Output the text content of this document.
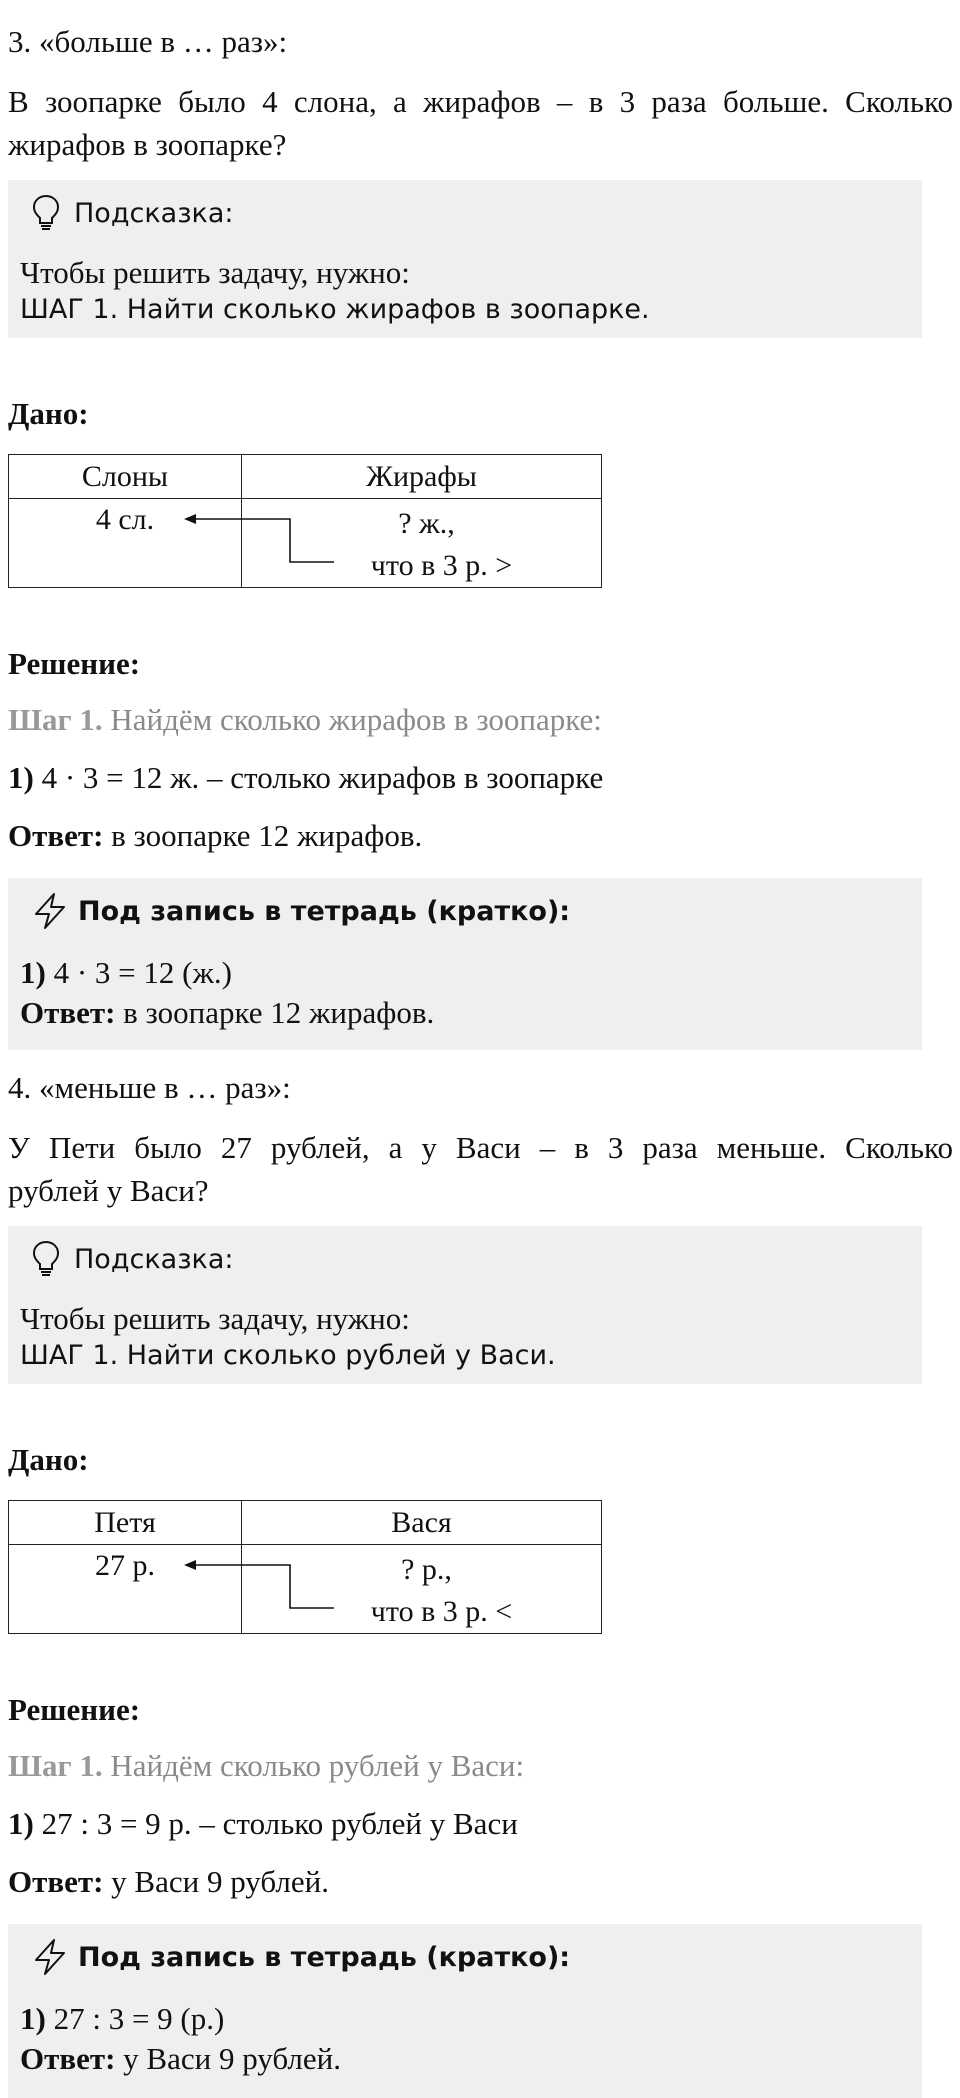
3. «больше в … раз»:
В зоопарке было 4 слона, а жирафов – в 3 раза больше. Сколько
жирафов в зоопарке?
Подсказка:
Чтобы решить задачу, нужно:
ШАГ 1. Найти сколько жирафов в зоопарке.
Дано:
Слоны	Жирафы
4 сл.	? ж.,
что в 3 р. >
Решение:
Шаг 1. Найдём сколько жирафов в зоопарке:
1) 4 · 3 = 12 ж. – столько жирафов в зоопарке
Ответ: в зоопарке 12 жирафов.
Под запись в тетрадь (кратко):
1) 4 · 3 = 12 (ж.)
Ответ: в зоопарке 12 жирафов.
4. «меньше в … раз»:
У Пети было 27 рублей, а у Васи – в 3 раза меньше. Сколько
рублей у Васи?
Подсказка:
Чтобы решить задачу, нужно:
ШАГ 1. Найти сколько рублей у Васи.
Дано:
Петя	Вася
27 р.	? р.,
что в 3 р. <
Решение:
Шаг 1. Найдём сколько рублей у Васи:
1) 27 : 3 = 9 р. – столько рублей у Васи
Ответ: у Васи 9 рублей.
Под запись в тетрадь (кратко):
1) 27 : 3 = 9 (р.)
Ответ: у Васи 9 рублей.
